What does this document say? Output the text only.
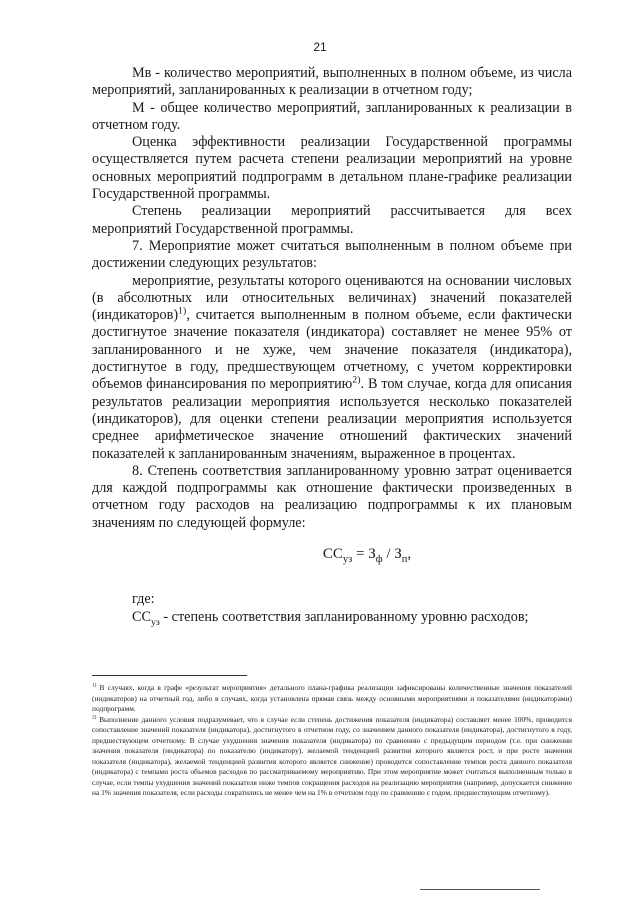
21

Мв - количество мероприятий, выполненных в полном объеме, из числа мероприятий, запланированных к реализации в отчетном году;

М - общее количество мероприятий, запланированных к реализации в отчетном году.

Оценка эффективности реализации Государственной программы осуществляется путем расчета степени реализации мероприятий на уровне основных мероприятий подпрограмм в детальном плане-графике реализации Государственной программы.

Степень реализации мероприятий рассчитывается для всех мероприятий Государственной программы.

7. Мероприятие может считаться выполненным в полном объеме при достижении следующих результатов:

мероприятие, результаты которого оцениваются на основании числовых (в абсолютных или относительных величинах) значений показателей (индикаторов)$^{1)}$, считается выполненным в полном объеме, если фактически достигнутое значение показателя (индикатора) составляет не менее 95% от запланированного и не хуже, чем значение показателя (индикатора), достигнутое в году, предшествующем отчетному, с учетом корректировки объемов финансирования по мероприятию$^{2)}$. В том случае, когда для описания результатов реализации мероприятия используется несколько показателей (индикаторов), для оценки степени реализации мероприятия используется среднее арифметическое значение отношений фактических значений показателей к запланированным значениям, выраженное в процентах.

8. Степень соответствия запланированному уровню затрат оценивается для каждой подпрограммы как отношение фактически произведенных в отчетном году расходов на реализацию подпрограммы к их плановым значениям по следующей формуле:

$СС_{уз} = З_ф / З_п$,

где:

$СС_{уз}$ - степень соответствия запланированному уровню расходов;

$^{1)}$ В случаях, когда в графе «результат мероприятия» детального плана-графика реализации зафиксированы количественные значения показателей (индикаторов) на отчетный год, либо в случаях, когда установлена прямая связь между основными мероприятиями и показателями (индикаторами) подпрограмм.

$^{2)}$ Выполнение данного условия подразумевает, что в случае если степень достижения показателя (индикатора) составляет менее 100%, проводится сопоставление значений показателя (индикатора), достигнутого в отчетном году, со значением данного показателя (индикатора), достигнутого в году, предшествующем отчетному. В случае ухудшения значения показателя (индикатора) по сравнению с предыдущим периодом (т.е. при снижении значения показателя (индикатора) по показателю (индикатору), желаемой тенденцией развития которого является рост, и при росте значения показателя (индикатора), желаемой тенденцией развития которого является снижение) проводится сопоставление темпов роста данного показателя (индикатора) с темпами роста объемов расходов по рассматриваемому мероприятию. При этом мероприятие может считаться выполненным только в случае, если темпы ухудшения значений показателя ниже темпов сокращения расходов на реализацию мероприятия (например, допускается снижение на 1% значения показателя, если расходы сократились не менее чем на 1% в отчетном году по сравнению с годом, предшествующим отчетному).
